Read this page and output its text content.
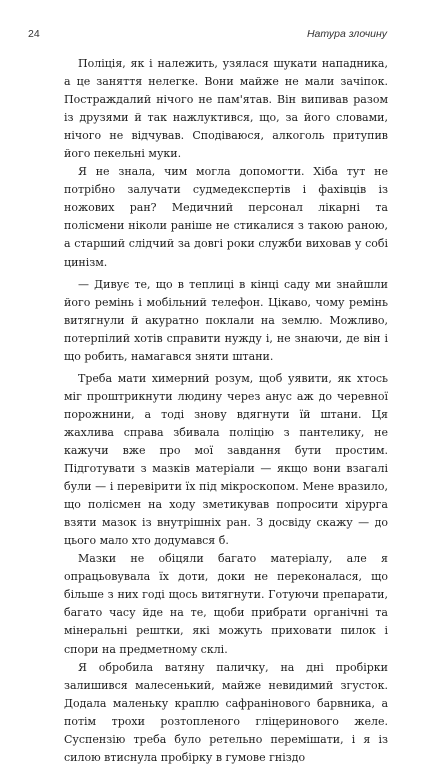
24	Натура злочину

Поліція, як і належить, узялася шукати нападника, а це заняття нелегке. Вони майже не мали зачіпок. Постраждалий нічого не пам'ятав. Він випивав разом із друзями й так нажлуктився, що, за його словами, нічого не відчував. Сподіваюся, алкоголь притупив його пекельні муки.

Я не знала, чим могла допомогти. Хіба тут не потрібно залучати судмедекспертів і фахівців із ножових ран? Медичний персонал лікарні та полісмени ніколи раніше не стикалися з такою раною, а старший слідчий за довгі роки служби виховав у собі цинізм.

— Дивує те, що в теплиці в кінці саду ми знайшли його ремінь і мобільний телефон. Цікаво, чому ремінь витягнули й акуратно поклали на землю. Можливо, потерпілий хотів справити нужду і, не знаючи, де він і що робить, намагався зняти штани.

Треба мати химерний розум, щоб уявити, як хтось міг проштрикнути людину через анус аж до черевної порожнини, а тоді знову вдягнути їй штани. Ця жахлива справа збивала поліцію з пантелику, не кажучи вже про мої завдання бути простим. Підготувати з мазків матеріали — якщо вони взагалі були — і перевірити їх під мікроскопом. Мене вразило, що полісмен на ходу зметикував попросити хірурга взяти мазок із внутрішніх ран. З досвіду скажу — до цього мало хто додумався б.

Мазки не обіцяли багато матеріалу, але я опрацьовувала їх доти, доки не переконалася, що більше з них годі щось витягнути. Готуючи препарати, багато часу йде на те, щоби прибрати органічні та мінеральні рештки, які можуть приховати пилок і спори на предметному склі.

Я обробила ватяну паличку, на дні пробірки залишився малесенький, майже невидимий згусток. Додала маленьку краплю сафранінового барвника, а потім трохи розтопленого гліцеринового желе. Суспензію треба було ретельно перемішати, і я із силою втиснула пробірку в гумове гніздо
